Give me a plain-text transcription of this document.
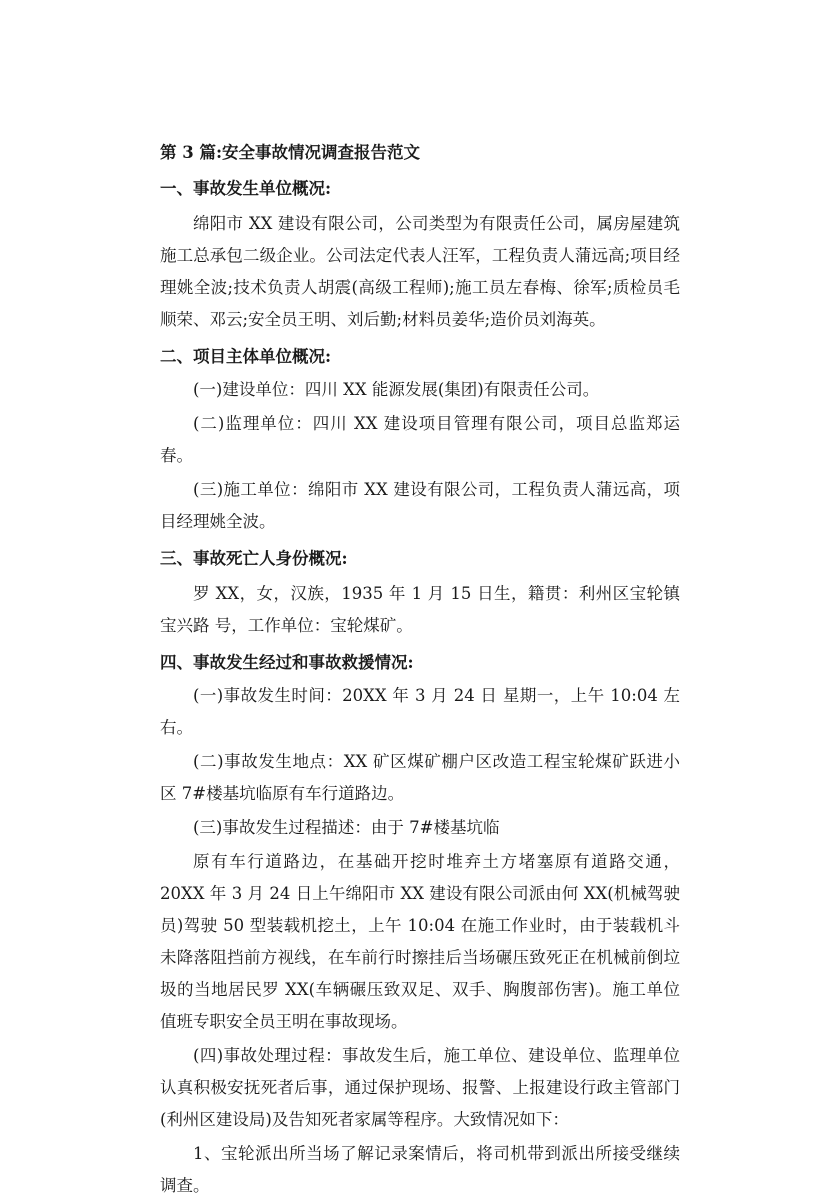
第 3 篇:安全事故情况调查报告范文

一、事故发生单位概况:

绵阳市 XX 建设有限公司，公司类型为有限责任公司，属房屋建筑施工总承包二级企业。公司法定代表人汪军，工程负责人蒲远高;项目经理姚全波;技术负责人胡震(高级工程师);施工员左春梅、徐军;质检员毛顺荣、邓云;安全员王明、刘后勤;材料员姜华;造价员刘海英。

二、项目主体单位概况:

(一)建设单位：四川 XX 能源发展(集团)有限责任公司。

(二)监理单位：四川 XX 建设项目管理有限公司，项目总监郑运春。

(三)施工单位：绵阳市 XX 建设有限公司，工程负责人蒲远高，项目经理姚全波。

三、事故死亡人身份概况:

罗 XX，女，汉族，1935 年 1 月 15 日生，籍贯：利州区宝轮镇宝兴路 号，工作单位：宝轮煤矿。

四、事故发生经过和事故救援情况:

(一)事故发生时间：20XX 年 3 月 24 日 星期一，上午 10:04 左右。

(二)事故发生地点：XX 矿区煤矿棚户区改造工程宝轮煤矿跃进小区 7#楼基坑临原有车行道路边。

(三)事故发生过程描述：由于 7#楼基坑临

原有车行道路边，在基础开挖时堆弃土方堵塞原有道路交通，20XX 年 3 月 24 日上午绵阳市 XX 建设有限公司派由何 XX(机械驾驶员)驾驶 50 型装载机挖土，上午 10:04 在施工作业时，由于装载机斗未降落阻挡前方视线，在车前行时擦挂后当场碾压致死正在机械前倒垃圾的当地居民罗 XX(车辆碾压致双足、双手、胸腹部伤害)。施工单位值班专职安全员王明在事故现场。

(四)事故处理过程：事故发生后，施工单位、建设单位、监理单位认真积极安抚死者后事，通过保护现场、报警、上报建设行政主管部门(利州区建设局)及告知死者家属等程序。大致情况如下：

1、宝轮派出所当场了解记录案情后，将司机带到派出所接受继续调查。
